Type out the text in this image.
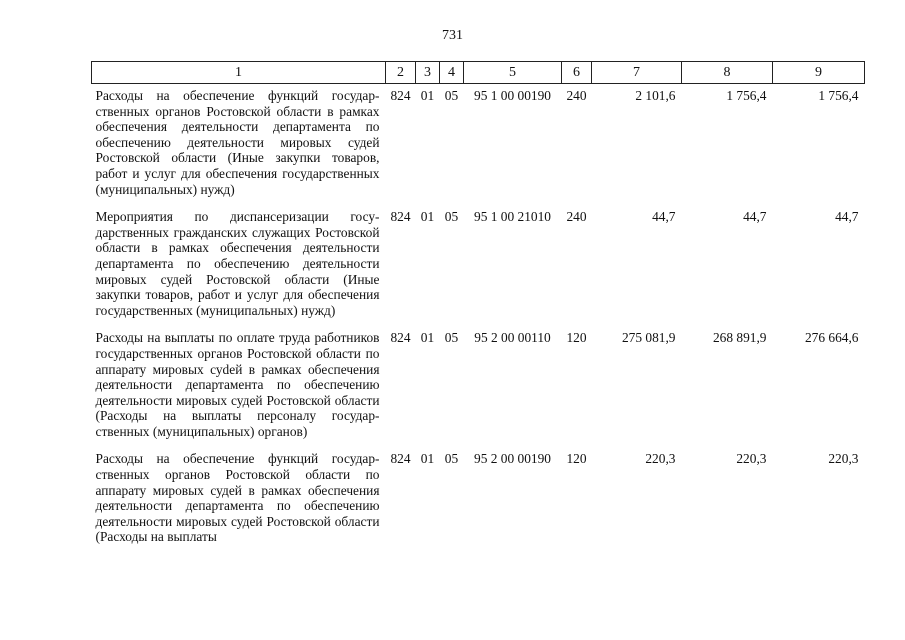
731
1	2	3	4	5	6	7	8	9
Расходы на обеспечение функций государственных органов Ростовской области в рамках обеспечения деятельности департамента по обеспечению деятельности мировых судей Ростовской области (Иные закупки товаров, работ и услуг для обеспечения государственных (муниципальных) нужд)	824	01	05	95 1 00 00190	240	2 101,6	1 756,4	1 756,4
Мероприятия по диспансеризации государственных гражданских служащих Ростовской области в рамках обеспечения деятельности департамента по обеспечению деятельности мировых судей Ростовской области (Иные закупки товаров, работ и услуг для обеспечения государственных (муниципальных) нужд)	824	01	05	95 1 00 21010	240	44,7	44,7	44,7
Расходы на выплаты по оплате труда работников государственных органов Ростовской области по аппарату мировых суdей в рамках обеспечения деятельности департамента по обеспечению деятельности мировых судей Ростовской области (Расходы на выплаты персоналу государственных (муниципальных) органов)	824	01	05	95 2 00 00110	120	275 081,9	268 891,9	276 664,6
Расходы на обеспечение функций государственных органов Ростовской области по аппарату мировых судей в рамках обеспечения деятельности департамента по обеспечению деятельности мировых судей Ростовской области (Расходы на выплаты	824	01	05	95 2 00 00190	120	220,3	220,3	220,3
